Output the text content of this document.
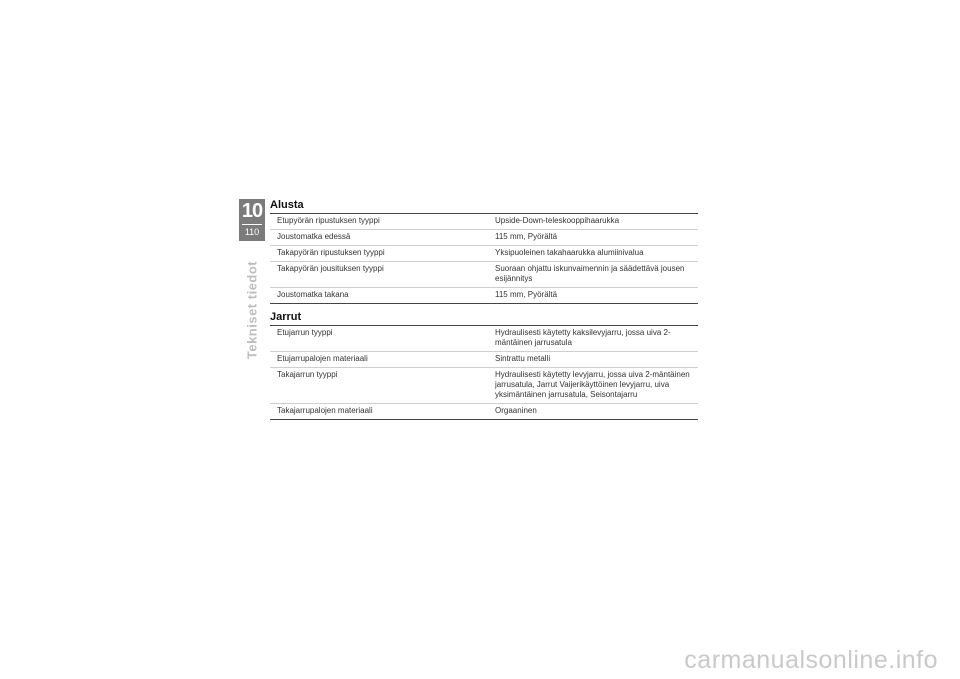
10
110
Tekniset tiedot
Alusta
Etupyörän ripustuksen tyyppi	Upside-Down-teleskooppihaarukka
Joustomatka edessä	115 mm, Pyörältä
Takapyörän ripustuksen tyyppi	Yksipuoleinen takahaarukka alumiinivalua
Takapyörän jousituksen tyyppi	Suoraan ohjattu iskunvaimennin ja säädettävä jousen esijännitys
Joustomatka takana	115 mm, Pyörältä
Jarrut
Etujarrun tyyppi	Hydraulisesti käytetty kaksilevyjarru, jossa uiva 2-mäntäinen jarrusatula
Etujarrupalojen materiaali	Sintrattu metalli
Takajarrun tyyppi	Hydraulisesti käytetty levyjarru, jossa uiva 2-mäntäinen jarrusatula, Jarrut Vaijerikäyttöinen levyjarru, uiva yksimäntäinen jarrusatula, Seisontajarru
Takajarrupalojen materiaali	Orgaaninen
carmanualsonline.info
